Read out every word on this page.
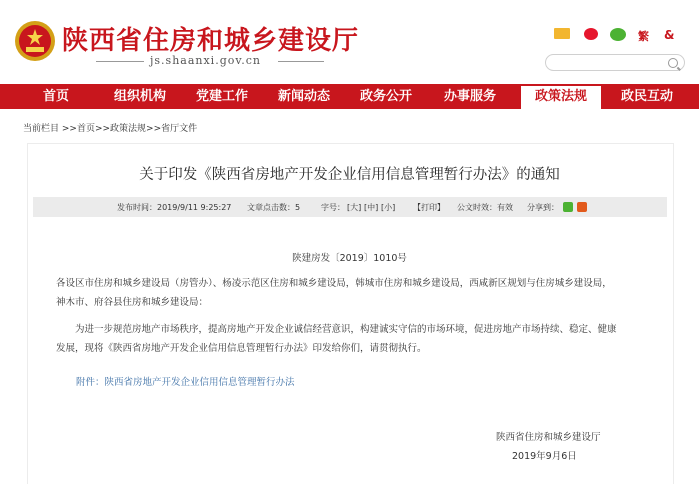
陕西省住房和城乡建设厅
js.shaanxi.gov.cn
繁 &
首页	组织机构	党建工作	新闻动态	政务公开	办事服务	政策法规	政民互动
当前栏目 >>首页>>政策法规>>省厅文件
关于印发《陕西省房地产开发企业信用信息管理暂行办法》的通知
发布时间：2019/9/11 9:25:27 文章点击数：5	字号： [大] [中] [小] 【打印】 公文时效：有效 分享到：
陕建房发〔2019〕1010号
各设区市住房和城乡建设局（房管办）、杨凌示范区住房和城乡建设局，韩城市住房和城乡建设局，西咸新区规划与住房城乡建设局，
神木市、府谷县住房和城乡建设局：
为进一步规范房地产市场秩序，提高房地产开发企业诚信经营意识，构建诚实守信的市场环境，促进房地产市场持续、稳定、健康
发展，现将《陕西省房地产开发企业信用信息管理暂行办法》印发给你们，请贯彻执行。
附件：陕西省房地产开发企业信用信息管理暂行办法
陕西省住房和城乡建设厅
2019年9月6日
